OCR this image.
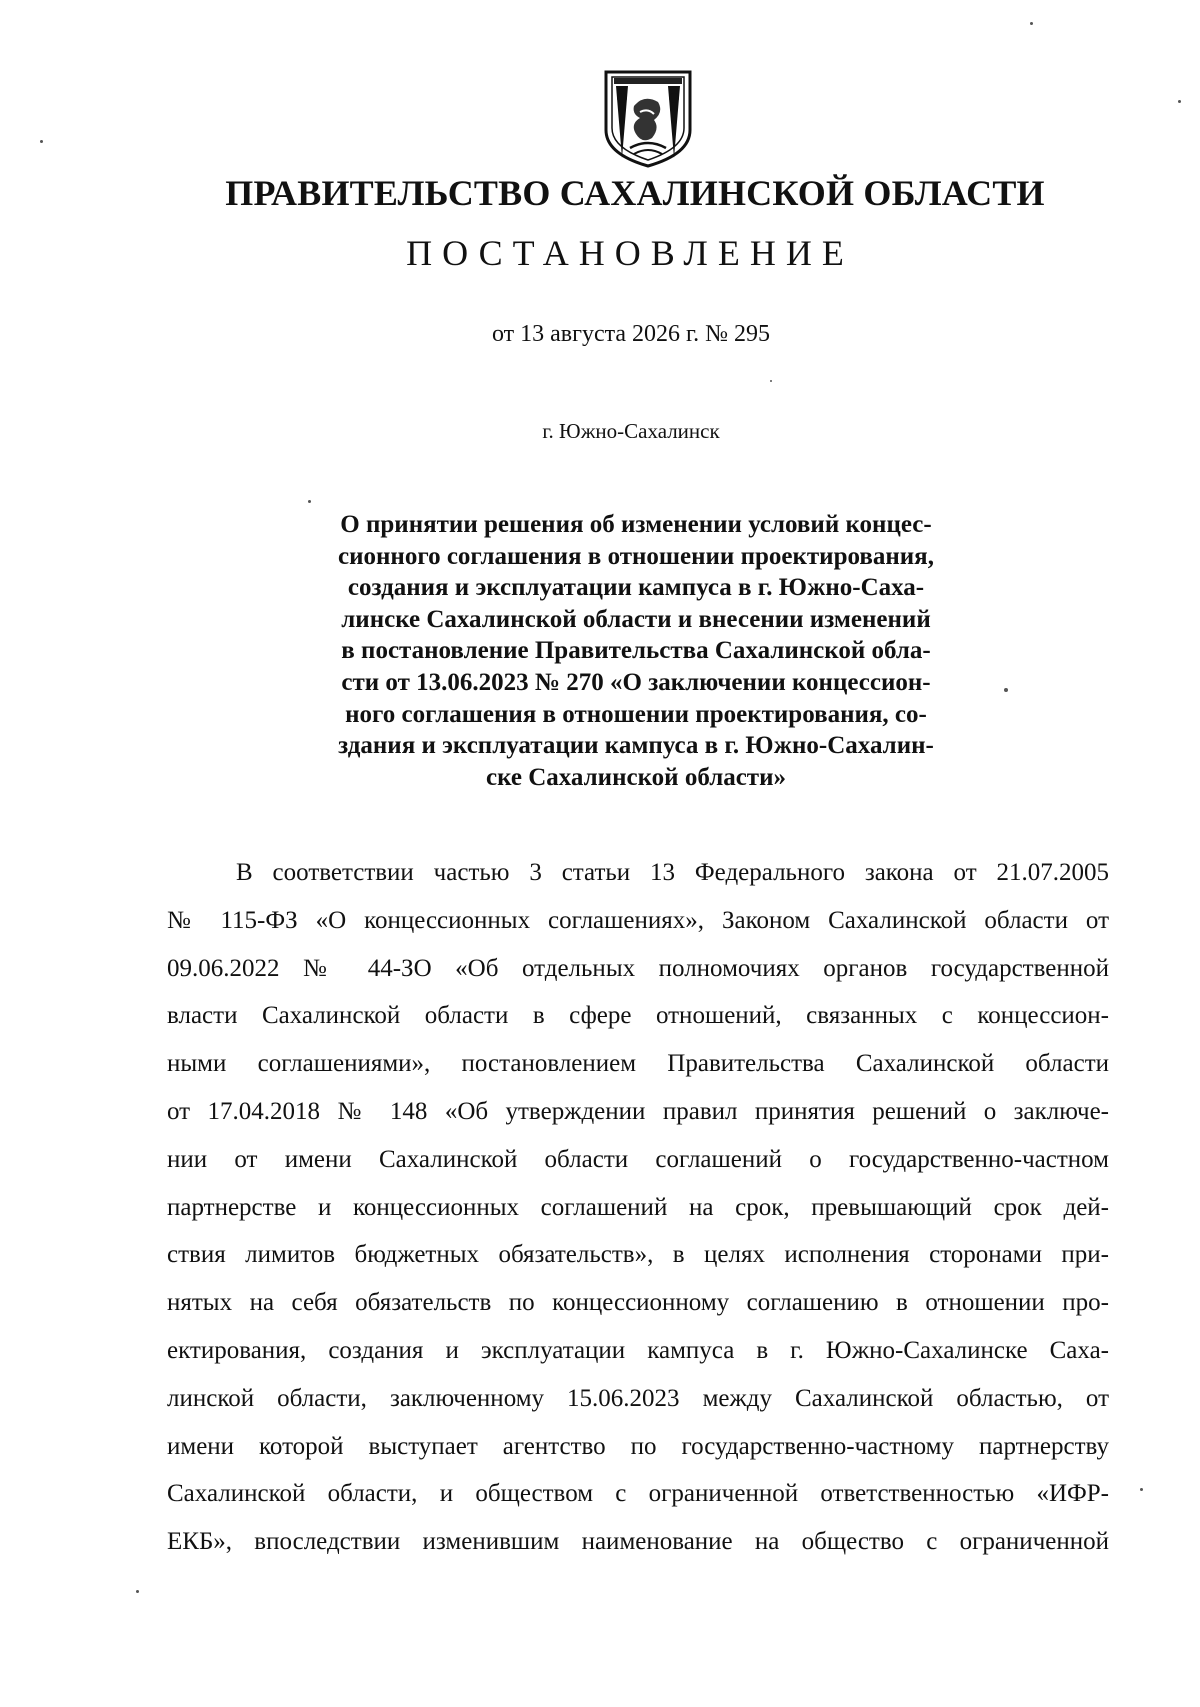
ПРАВИТЕЛЬСТВО САХАЛИНСКОЙ ОБЛАСТИ
ПОСТАНОВЛЕНИЕ
от 13 августа 2026 г. № 295
г. Южно-Сахалинск
О принятии решения об изменении условий концес-
сионного соглашения в отношении проектирования,
создания и эксплуатации кампуса в г. Южно-Саха-
линске Сахалинской области и внесении изменений
в постановление Правительства Сахалинской обла-
сти от 13.06.2023 № 270 «О заключении концессион-
ного соглашения в отношении проектирования, со-
здания и эксплуатации кампуса в г. Южно-Сахалин-
ске Сахалинской области»
В соответствии частью 3 статьи 13 Федерального закона от 21.07.2005
№ 115-ФЗ «О концессионных соглашениях», Законом Сахалинской области от
09.06.2022 № 44-ЗО «Об отдельных полномочиях органов государственной
власти Сахалинской области в сфере отношений, связанных с концессион-
ными соглашениями», постановлением Правительства Сахалинской области
от 17.04.2018 № 148 «Об утверждении правил принятия решений о заключе-
нии от имени Сахалинской области соглашений о государственно-частном
партнерстве и концессионных соглашений на срок, превышающий срок дей-
ствия лимитов бюджетных обязательств», в целях исполнения сторонами при-
нятых на себя обязательств по концессионному соглашению в отношении про-
ектирования, создания и эксплуатации кампуса в г. Южно-Сахалинске Саха-
линской области, заключенному 15.06.2023 между Сахалинской областью, от
имени которой выступает агентство по государственно-частному партнерству
Сахалинской области, и обществом с ограниченной ответственностью «ИФР-
ЕКБ», впоследствии изменившим наименование на общество с ограниченной
